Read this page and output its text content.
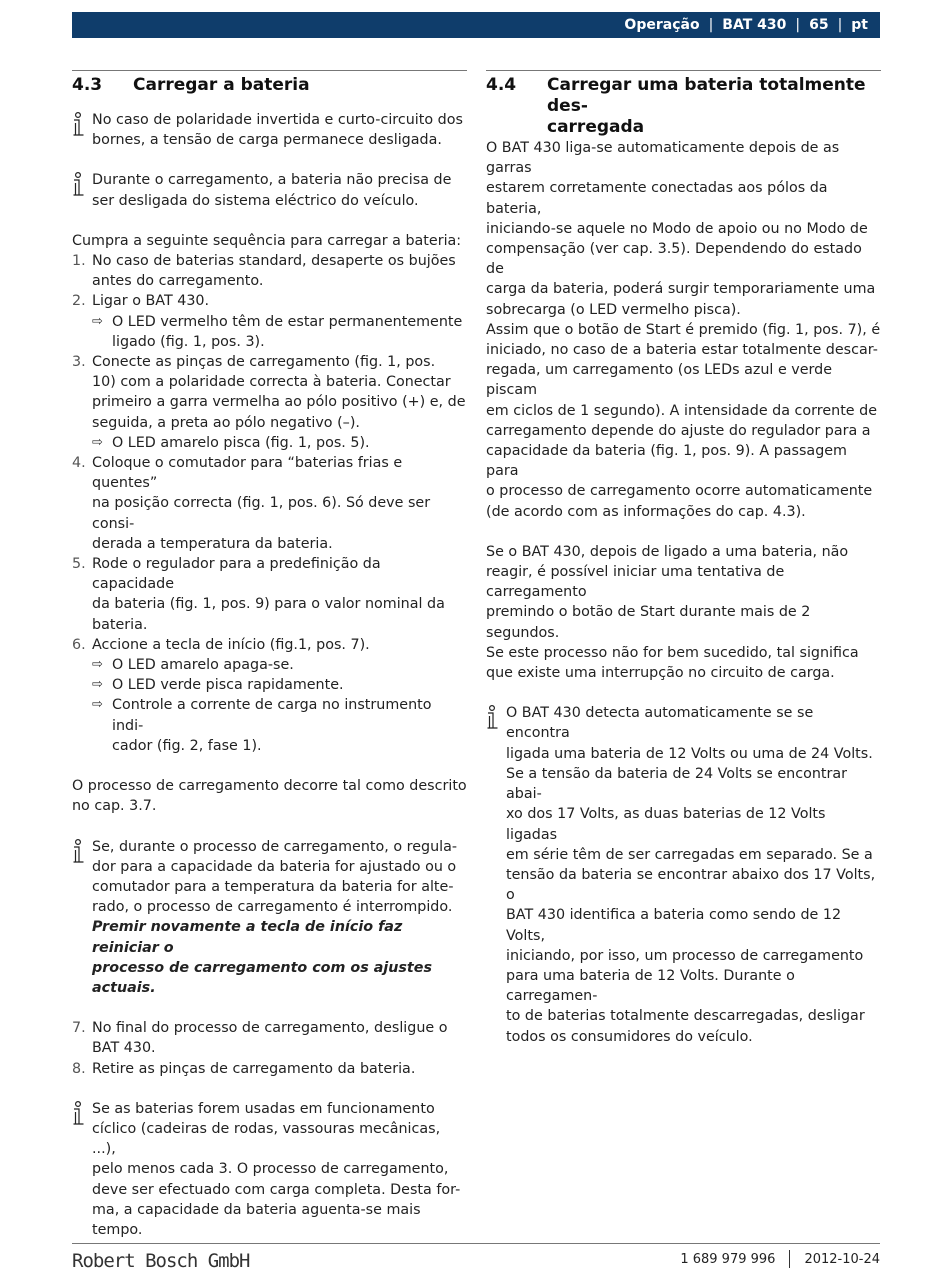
Operação | BAT 430 | 65 | pt
4.3	Carregar a bateria
No caso de polaridade invertida e curto-circuito dos
bornes, a tensão de carga permanece desligada.
Durante o carregamento, a bateria não precisa de
ser desligada do sistema eléctrico do veículo.
Cumpra a seguinte sequência para carregar a bateria:
1. No caso de baterias standard, desaperte os bujões
antes do carregamento.
2. Ligar o BAT 430.
⇨ O LED vermelho têm de estar permanentemente
ligado (fig. 1, pos. 3).
3. Conecte as pinças de carregamento (fig. 1, pos.
10) com a polaridade correcta à bateria. Conectar
primeiro a garra vermelha ao pólo positivo (+) e, de
seguida, a preta ao pólo negativo (–).
⇨ O LED amarelo pisca (fig. 1, pos. 5).
4. Coloque o comutador para “baterias frias e quentes”
na posição correcta (fig. 1, pos. 6). Só deve ser consi-
derada a temperatura da bateria.
5. Rode o regulador para a predefinição da capacidade
da bateria (fig. 1, pos. 9) para o valor nominal da
bateria.
6. Accione a tecla de início (fig.1, pos. 7).
⇨ O LED amarelo apaga-se.
⇨ O LED verde pisca rapidamente.
⇨ Controle a corrente de carga no instrumento indi-
cador (fig. 2, fase 1).
O processo de carregamento decorre tal como descrito
no cap. 3.7.
Se, durante o processo de carregamento, o regula-
dor para a capacidade da bateria for ajustado ou o
comutador para a temperatura da bateria for alte-
rado, o processo de carregamento é interrompido.
Premir novamente a tecla de início faz reiniciar o
processo de carregamento com os ajustes actuais.
7. No final do processo de carregamento, desligue o
BAT 430.
8. Retire as pinças de carregamento da bateria.
Se as baterias forem usadas em funcionamento
cíclico (cadeiras de rodas, vassouras mecânicas, ...),
pelo menos cada 3. O processo de carregamento,
deve ser efectuado com carga completa. Desta for-
ma, a capacidade da bateria aguenta-se mais tempo.
4.4	Carregar uma bateria totalmente des-
carregada
O BAT 430 liga-se automaticamente depois de as garras
estarem corretamente conectadas aos pólos da bateria,
iniciando-se aquele no Modo de apoio ou no Modo de
compensação (ver cap. 3.5). Dependendo do estado de
carga da bateria, poderá surgir temporariamente uma
sobrecarga (o LED vermelho pisca).
Assim que o botão de Start é premido (fig. 1, pos. 7), é
iniciado, no caso de a bateria estar totalmente descar-
regada, um carregamento (os LEDs azul e verde piscam
em ciclos de 1 segundo). A intensidade da corrente de
carregamento depende do ajuste do regulador para a
capacidade da bateria (fig. 1, pos. 9). A passagem para
o processo de carregamento ocorre automaticamente
(de acordo com as informações do cap. 4.3).
Se o BAT 430, depois de ligado a uma bateria, não
reagir, é possível iniciar uma tentativa de carregamento
premindo o botão de Start durante mais de 2 segundos.
Se este processo não for bem sucedido, tal significa
que existe uma interrupção no circuito de carga.
O BAT 430 detecta automaticamente se se encontra
ligada uma bateria de 12 Volts ou uma de 24 Volts.
Se a tensão da bateria de 24 Volts se encontrar abai-
xo dos 17 Volts, as duas baterias de 12 Volts ligadas
em série têm de ser carregadas em separado. Se a
tensão da bateria se encontrar abaixo dos 17 Volts, o
BAT 430 identifica a bateria como sendo de 12 Volts,
iniciando, por isso, um processo de carregamento
para uma bateria de 12 Volts. Durante o carregamen-
to de baterias totalmente descarregadas, desligar
todos os consumidores do veículo.
Robert Bosch GmbH	1 689 979 996 2012-10-24
